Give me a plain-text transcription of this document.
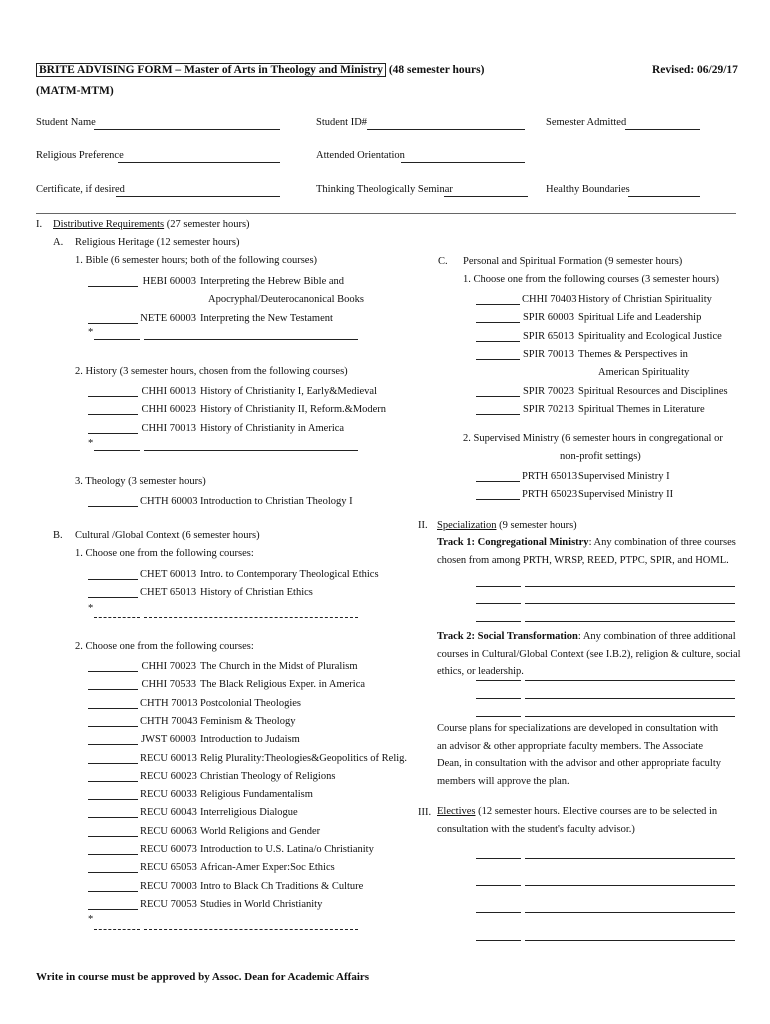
BRITE ADVISING FORM – Master of Arts in Theology and Ministry (48 semester hours)
(MATM-MTM)
Revised: 06/29/17
Student Name	Student ID#	Semester Admitted
Religious Preference	Attended Orientation
Certificate, if desired	Thinking Theologically Seminar	Healthy Boundaries
I. Distributive Requirements (27 semester hours)
A. Religious Heritage (12 semester hours)
1. Bible (6 semester hours; both of the following courses)
HEBI 60003 Interpreting the Hebrew Bible and
Apocryphal/Deuterocanonical Books
NETE 60003 Interpreting the New Testament
*
2. History (3 semester hours, chosen from the following courses)
CHHI 60013 History of Christianity I, Early&Medieval
CHHI 60023 History of Christianity II, Reform.&Modern
CHHI 70013 History of Christianity in America
*
3. Theology (3 semester hours)
CHTH 60003 Introduction to Christian Theology I
B. Cultural /Global Context (6 semester hours)
1. Choose one from the following courses:
CHET 60013 Intro. to Contemporary Theological Ethics
CHET 65013 History of Christian Ethics
*
2. Choose one from the following courses:
CHHI 70023 The Church in the Midst of Pluralism
CHHI 70533 The Black Religious Exper. in America
CHTH 70013 Postcolonial Theologies
CHTH 70043 Feminism & Theology
JWST 60003 Introduction to Judaism
RECU 60013 Relig Plurality:Theologies&Geopolitics of Relig.
RECU 60023 Christian Theology of Religions
RECU 60033 Religious Fundamentalism
RECU 60043 Interreligious Dialogue
RECU 60063 World Religions and Gender
RECU 60073 Introduction to U.S. Latina/o Christianity
RECU 65053 African-Amer Exper:Soc Ethics
RECU 70003 Intro to Black Ch Traditions & Culture
RECU 70053 Studies in World Christianity
*
C. Personal and Spiritual Formation (9 semester hours)
1. Choose one from the following courses (3 semester hours)
CHHI 70403 History of Christian Spirituality
SPIR 60003 Spiritual Life and Leadership
SPIR 65013 Spirituality and Ecological Justice
SPIR 70013 Themes & Perspectives in
American Spirituality
SPIR 70023 Spiritual Resources and Disciplines
SPIR 70213 Spiritual Themes in Literature
2. Supervised Ministry (6 semester hours in congregational or
non-profit settings)
PRTH 65013 Supervised Ministry I
PRTH 65023 Supervised Ministry II
II. Specialization (9 semester hours)
Track 1: Congregational Ministry: Any combination of three courses chosen from among PRTH, WRSP, REED, PTPC, SPIR, and HOML.
Track 2: Social Transformation: Any combination of three additional courses in Cultural/Global Context (see I.B.2), religion & culture, social ethics, or leadership.
Course plans for specializations are developed in consultation with an advisor & other appropriate faculty members. The Associate Dean, in consultation with the advisor and other appropriate faculty members will approve the plan.
III. Electives (12 semester hours. Elective courses are to be selected in consultation with the student's faculty advisor.)
Write in course must be approved by Assoc. Dean for Academic Affairs
